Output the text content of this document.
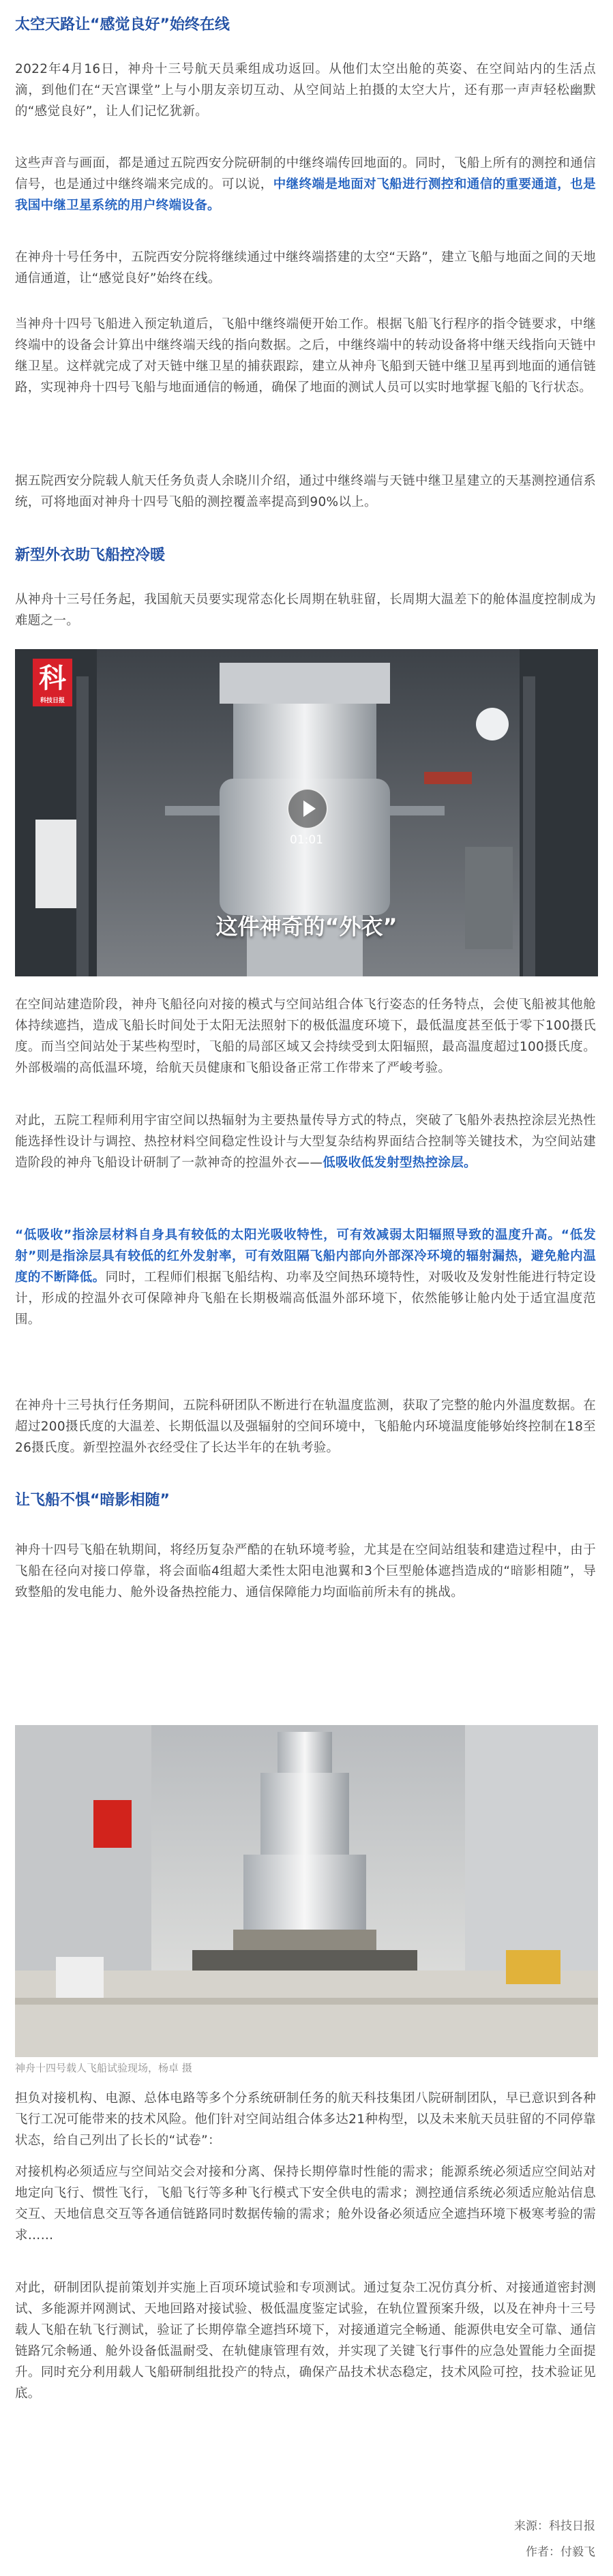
太空天路让“感觉良好”始终在线

2022年4月16日，神舟十三号航天员乘组成功返回。从他们太空出舱的英姿、在空间站内的生活点滴，到他们在“天宫课堂”上与小朋友亲切互动、从空间站上拍摄的太空大片，还有那一声声轻松幽默的“感觉良好”，让人们记忆犹新。

这些声音与画面，都是通过五院西安分院研制的中继终端传回地面的。同时，飞船上所有的测控和通信信号，也是通过中继终端来完成的。可以说，中继终端是地面对飞船进行测控和通信的重要通道，也是我国中继卫星系统的用户终端设备。

在神舟十号任务中，五院西安分院将继续通过中继终端搭建的太空“天路”，建立飞船与地面之间的天地通信通道，让“感觉良好”始终在线。

当神舟十四号飞船进入预定轨道后，飞船中继终端便开始工作。根据飞船飞行程序的指令链要求，中继终端中的设备会计算出中继终端天线的指向数据。之后，中继终端中的转动设备将中继天线指向天链中继卫星。这样就完成了对天链中继卫星的捕获跟踪，建立从神舟飞船到天链中继卫星再到地面的通信链路，实现神舟十四号飞船与地面通信的畅通，确保了地面的测试人员可以实时地掌握飞船的飞行状态。

据五院西安分院载人航天任务负责人余晓川介绍，通过中继终端与天链中继卫星建立的天基测控通信系统，可将地面对神舟十四号飞船的测控覆盖率提高到90%以上。

新型外衣助飞船控冷暖

从神舟十三号任务起，我国航天员要实现常态化长周期在轨驻留，长周期大温差下的舱体温度控制成为难题之一。

科
科技日报
01:01
这件神奇的“外衣”

在空间站建造阶段，神舟飞船径向对接的模式与空间站组合体飞行姿态的任务特点，会使飞船被其他舱体持续遮挡，造成飞船长时间处于太阳无法照射下的极低温度环境下，最低温度甚至低于零下100摄氏度。而当空间站处于某些构型时，飞船的局部区域又会持续受到太阳辐照，最高温度超过100摄氏度。外部极端的高低温环境，给航天员健康和飞船设备正常工作带来了严峻考验。

对此，五院工程师利用宇宙空间以热辐射为主要热量传导方式的特点，突破了飞船外表热控涂层光热性能选择性设计与调控、热控材料空间稳定性设计与大型复杂结构界面结合控制等关键技术，为空间站建造阶段的神舟飞船设计研制了一款神奇的控温外衣——低吸收低发射型热控涂层。

“低吸收”指涂层材料自身具有较低的太阳光吸收特性，可有效减弱太阳辐照导致的温度升高。“低发射”则是指涂层具有较低的红外发射率，可有效阻隔飞船内部向外部深冷环境的辐射漏热，避免舱内温度的不断降低。同时，工程师们根据飞船结构、功率及空间热环境特性，对吸收及发射性能进行特定设计，形成的控温外衣可保障神舟飞船在长期极端高低温外部环境下，依然能够让舱内处于适宜温度范围。

在神舟十三号执行任务期间，五院科研团队不断进行在轨温度监测，获取了完整的舱内外温度数据。在超过200摄氏度的大温差、长期低温以及强辐射的空间环境中，飞船舱内环境温度能够始终控制在18至26摄氏度。新型控温外衣经受住了长达半年的在轨考验。

让飞船不惧“暗影相随”

神舟十四号飞船在轨期间，将经历复杂严酷的在轨环境考验，尤其是在空间站组装和建造过程中，由于飞船在径向对接口停靠，将会面临4组超大柔性太阳电池翼和3个巨型舱体遮挡造成的“暗影相随”，导致整船的发电能力、舱外设备热控能力、通信保障能力均面临前所未有的挑战。

神舟十四号载人飞船试验现场，杨卓 摄

担负对接机构、电源、总体电路等多个分系统研制任务的航天科技集团八院研制团队，早已意识到各种飞行工况可能带来的技术风险。他们针对空间站组合体多达21种构型，以及未来航天员驻留的不同停靠状态，给自己列出了长长的“试卷”：

对接机构必须适应与空间站交会对接和分离、保持长期停靠时性能的需求；能源系统必须适应空间站对地定向飞行、惯性飞行，飞船飞行等多种飞行模式下安全供电的需求；测控通信系统必须适应舱站信息交互、天地信息交互等各通信链路同时数据传输的需求；舱外设备必须适应全遮挡环境下极寒考验的需求……

对此，研制团队提前策划并实施上百项环境试验和专项测试。通过复杂工况仿真分析、对接通道密封测试、多能源并网测试、天地回路对接试验、极低温度鉴定试验，在轨位置预案升级，以及在神舟十三号载人飞船在轨飞行测试，验证了长期停靠全遮挡环境下，对接通道完全畅通、能源供电安全可靠、通信链路冗余畅通、舱外设备低温耐受、在轨健康管理有效，并实现了关键飞行事件的应急处置能力全面提升。同时充分利用载人飞船研制组批投产的特点，确保产品技术状态稳定，技术风险可控，技术验证见底。

来源：科技日报
作者：付毅飞
